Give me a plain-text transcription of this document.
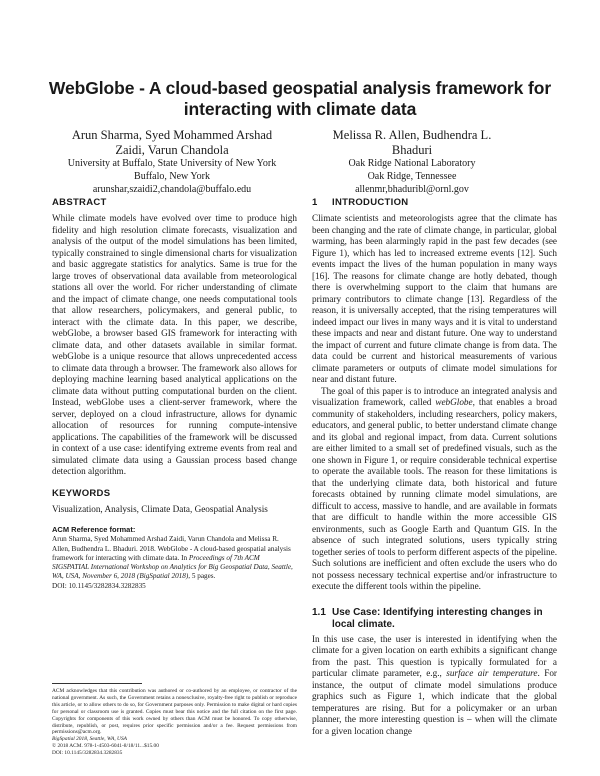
WebGlobe - A cloud-based geospatial analysis framework for interacting with climate data
Arun Sharma, Syed Mohammed Arshad Zaidi, Varun Chandola
University at Buffalo, State University of New York
Buffalo, New York
arunshar,szaidi2,chandola@buffalo.edu
Melissa R. Allen, Budhendra L. Bhaduri
Oak Ridge National Laboratory
Oak Ridge, Tennessee
allenmr,bhaduribl@ornl.gov
ABSTRACT

While climate models have evolved over time to produce high fidelity and high resolution climate forecasts, visualization and analysis of the output of the model simulations has been limited, typically constrained to single dimensional charts for visualization and basic aggregate statistics for analytics. Same is true for the large troves of observational data available from meteorological stations all over the world. For richer understanding of climate and the impact of climate change, one needs computational tools that allow researchers, policymakers, and general public, to interact with the climate data. In this paper, we describe, webGlobe, a browser based GIS framework for interacting with climate data, and other datasets available in similar format. webGlobe is a unique resource that allows unprecedented access to climate data through a browser. The framework also allows for deploying machine learning based analytical applications on the climate data without putting computational burden on the client. Instead, webGlobe uses a client-server framework, where the server, deployed on a cloud infrastructure, allows for dynamic allocation of resources for running compute-intensive applications. The capabilities of the framework will be discussed in context of a use case: identifying extreme events from real and simulated climate data using a Gaussian process based change detection algorithm.

KEYWORDS

Visualization, Analysis, Climate Data, Geospatial Analysis

ACM Reference format:
Arun Sharma, Syed Mohammed Arshad Zaidi, Varun Chandola and Melissa R. Allen, Budhendra L. Bhaduri. 2018. WebGlobe - A cloud-based geospatial analysis framework for interacting with climate data. In Proceedings of 7th ACM SIGSPATIAL International Workshop on Analytics for Big Geospatial Data, Seattle, WA, USA, November 6, 2018 (BigSpatial 2018), 5 pages.
DOI: 10.1145/3282834.3282835

ACM acknowledges that this contribution was authored or co-authored by an employee, or contractor of the national government. As such, the Government retains a nonexclusive, royalty-free right to publish or reproduce this article, or to allow others to do so, for Government purposes only. Permission to make digital or hard copies for personal or classroom use is granted. Copies must bear this notice and the full citation on the first page. Copyrights for components of this work owned by others than ACM must be honored. To copy otherwise, distribute, republish, or post, requires prior specific permission and/or a fee. Request permissions from permissions@acm.org.

BigSpatial 2018, Seattle, WA, USA
© 2018 ACM. 978-1-4503-6041-8/18/11...$15.00
DOI: 10.1145/3282834.3282835
1 INTRODUCTION

Climate scientists and meteorologists agree that the climate has been changing and the rate of climate change, in particular, global warming, has been alarmingly rapid in the past few decades (see Figure 1), which has led to increased extreme events [12]. Such events impact the lives of the human population in many ways [16]. The reasons for climate change are hotly debated, though there is overwhelming support to the claim that humans are primary contributors to climate change [13]. Regardless of the reason, it is universally accepted, that the rising temperatures will indeed impact our lives in many ways and it is vital to understand these impacts and near and distant future. One way to understand the impact of current and future climate change is from data. The data could be current and historical measurements of various climate parameters or outputs of climate model simulations for near and distant future.

The goal of this paper is to introduce an integrated analysis and visualization framework, called webGlobe, that enables a broad community of stakeholders, including researchers, policy makers, educators, and general public, to better understand climate change and its global and regional impact, from data. Current solutions are either limited to a small set of predefined visuals, such as the one shown in Figure 1, or require considerable technical expertise to operate the available tools. The reason for these limitations is that the underlying climate data, both historical and future forecasts obtained by running climate model simulations, are difficult to access, massive to handle, and are available in formats that are difficult to handle within the more accessible GIS environments, such as Google Earth and Quantum GIS. In the absence of such integrated solutions, users typically string together series of tools to perform different aspects of the pipeline. Such solutions are inefficient and often exclude the users who do not possess necessary technical expertise and/or infrastructure to execute the different tools within the pipeline.

1.1 Use Case: Identifying interesting changes in local climate.

In this use case, the user is interested in identifying when the climate for a given location on earth exhibits a significant change from the past. This question is typically formulated for a particular climate parameter, e.g., surface air temperature. For instance, the output of climate model simulations produce graphics such as Figure 1, which indicate that the global temperatures are rising. But for a policymaker or an urban planner, the more interesting question is – when will the climate for a given location change
